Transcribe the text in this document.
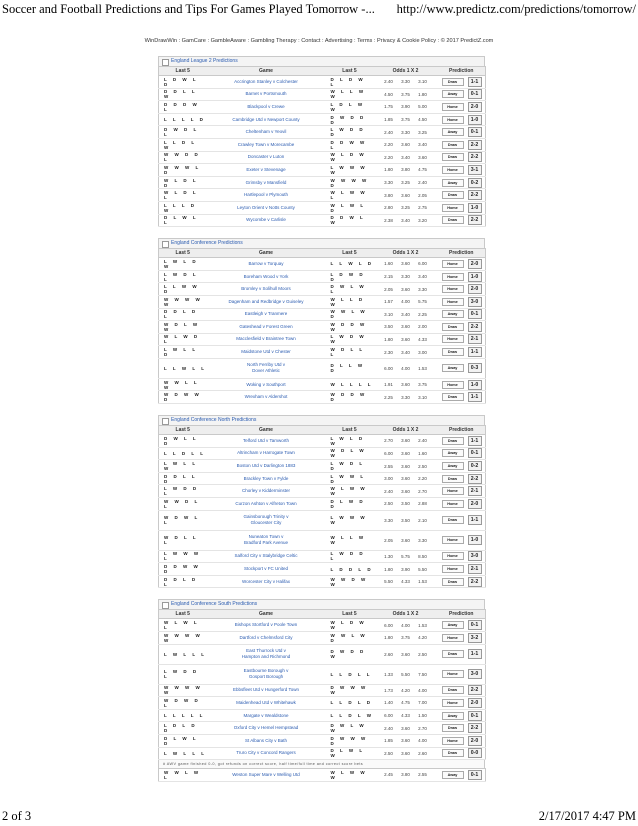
Soccer and Football Predictions and Tips For Games Played Tomorrow -... http://www.predictz.com/predictions/tomorrow/
WinDrawWin : GamCare : GambleAware : Gambling Therapy : Contact : Advertising : Terms : Privacy & Cookie Policy : © 2017 PredictZ.com
England League 2 Predictions
Last 5	Game	Last 5	Odds 1 X 2	Prediction
L D W L D	Accrington Stanley v Colchester	D L D W L	2.40 3.30 3.10	Draw 1-1
D D L L W	Barnet v Portsmouth	W L L W W	4.50 3.75 1.80	Away 0-1
D D D W L	Blackpool v Crewe	L D L W W	1.75 3.90 5.00	Home 2-0
L L L L D	Cambridge Utd v Newport County	D W D D D	1.85 3.75 4.50	Home 1-0
D W D L L	Cheltenham v Yeovil	L W D D D	2.40 3.30 3.25	Away 0-1
L L D L W	Crawley Town v Morecambe	D D W W L	2.20 3.60 3.40	Draw 2-2
W W D D L	Doncaster v Luton	W L D W W	2.20 3.40 3.60	Draw 2-2
W W W L D	Exeter v Stevenage	L W W W W	1.80 3.80 4.75	Home 3-1
W L D L D	Grimsby v Mansfield	W W W W D	3.30 3.25 2.40	Away 0-2
W L D L L	Hartlepool v Plymouth	W L W W L	3.80 3.60 2.05	Draw 2-2
L L L D W	Leyton Orient v Notts County	W L W L D	2.80 3.25 2.75	Home 1-0
D L W L L	Wycombe v Carlisle	D D W L W	2.38 3.40 3.20	Draw 2-2
England Conference Predictions
Last 5	Game	Last 5	Odds 1 X 2	Prediction
L W L D W	Barrow v Torquay	L L W L D	1.60 3.60 6.00	Home 2-0
L W D L L	Boreham Wood v York	L D W D D	2.15 3.30 3.40	Home 1-0
L L W W D	Bromley v Solihull Moors	D W L W L	2.05 3.60 3.30	Home 2-0
W W W W W	Dagenham and Redbridge v Guiseley	W L L D W	1.57 4.00 5.75	Home 3-0
D D L D L	Eastleigh v Tranmere	W W L W D	3.10 3.40 2.25	Away 0-1
W D L W W	Gateshead v Forest Green	W D D W W	3.50 3.60 2.00	Draw 2-2
W L W D L	Macclesfield v Braintree Town	L W D W W	1.80 3.60 4.33	Home 2-1
L W L L D	Maidstone Utd v Chester	W D L L L	2.30 3.40 3.00	Draw 1-1
L L W L L	North Ferriby Utd v
Dover Athletic	D L L W D	6.00 4.00 1.53	Away 0-3
W W L L W	Woking v Southport	W L L L L	1.91 3.60 3.75	Home 1-0
W D W W D	Wrexham v Aldershot	W D D W D	2.25 3.30 3.10	Draw 1-1
England Conference North Predictions
Last 5	Game	Last 5	Odds 1 X 2	Prediction
D W L L D	Telford Utd v Tamworth	L W L D W	2.70 3.60 2.40	Draw 1-1
L L D L L	Altrincham v Harrogate Town	W D L W W	6.00 3.60 1.60	Away 0-1
L W L L W	Boston Utd v Darlington 1883	L W D L D	2.55 3.60 2.50	Away 0-2
D D L L D	Brackley Town v Fylde	L W W L D	3.00 3.60 2.20	Draw 2-2
L W D D L	Chorley v Kidderminster	W L W W W	2.40 3.60 2.70	Home 2-1
W W D L L	Curzon Ashton v Alfreton Town	D L W D D	2.50 3.50 2.88	Home 2-0
W D W L L	Gainsborough Trinity v
Gloucester City	L W W W W	3.30 3.50 2.10	Draw 1-1
W D L L L	Nuneaton Town v
Bradford Park Avenue	W L L W W	2.05 3.60 3.30	Home 1-0
L W W W L	Salford City v Stalybridge Celtic	L W D D L	1.30 5.75 8.50	Home 3-0
D D W W D	Stockport v FC United	L D D L D	1.80 3.90 5.50	Home 2-1
D D L D L	Worcester City v Halifax	W W D W W	5.50 4.33 1.53	Draw 2-2
England Conference South Predictions
Last 5	Game	Last 5	Odds 1 X 2	Prediction
W L W L L	Bishops Stortford v Poole Town	W L D W W	6.00 4.00 1.53	Away 0-1
W W W W W	Dartford v Chelmsford City	W W L W D	1.80 3.75 4.20	Home 3-2
L W L L L	East Thurrock Utd v
Hampton and Richmond	D W D D W	2.60 3.60 2.50	Draw 1-1
L W D D L	Eastbourne Borough v
Gosport Borough	L L D L L	1.33 5.50 7.50	Home 3-0
W W W W W	Ebbsfleet Utd v Hungerford Town	D W W W W	1.73 4.20 4.00	Draw 2-2
W D W D L	Maidenhead Utd v Whitehawk	L L D L D	1.40 4.75 7.00	Home 2-0
L L L L L	Margate v Wealdstone	L L D L W	6.00 4.33 1.50	Away 0-1
L D L D D	Oxford City v Hemel Hempstead	D W L W W	2.40 3.60 2.70	Draw 2-2
D L W L D	St Albans City v Bath	D W W W D	1.85 3.60 4.00	Home 2-0
L W L L L	Truro City v Concord Rangers	D L W L W	2.50 3.60 2.60	Draw 0-0
# AWV game finished 0-0, got refunds on correct score, half time/full time and correct score bets
W W L W L	Weston Super Mare v Welling Utd	W L W W W	2.45 3.80 2.55	Away	0-1
2 of 3	2/17/2017 4:47 PM
